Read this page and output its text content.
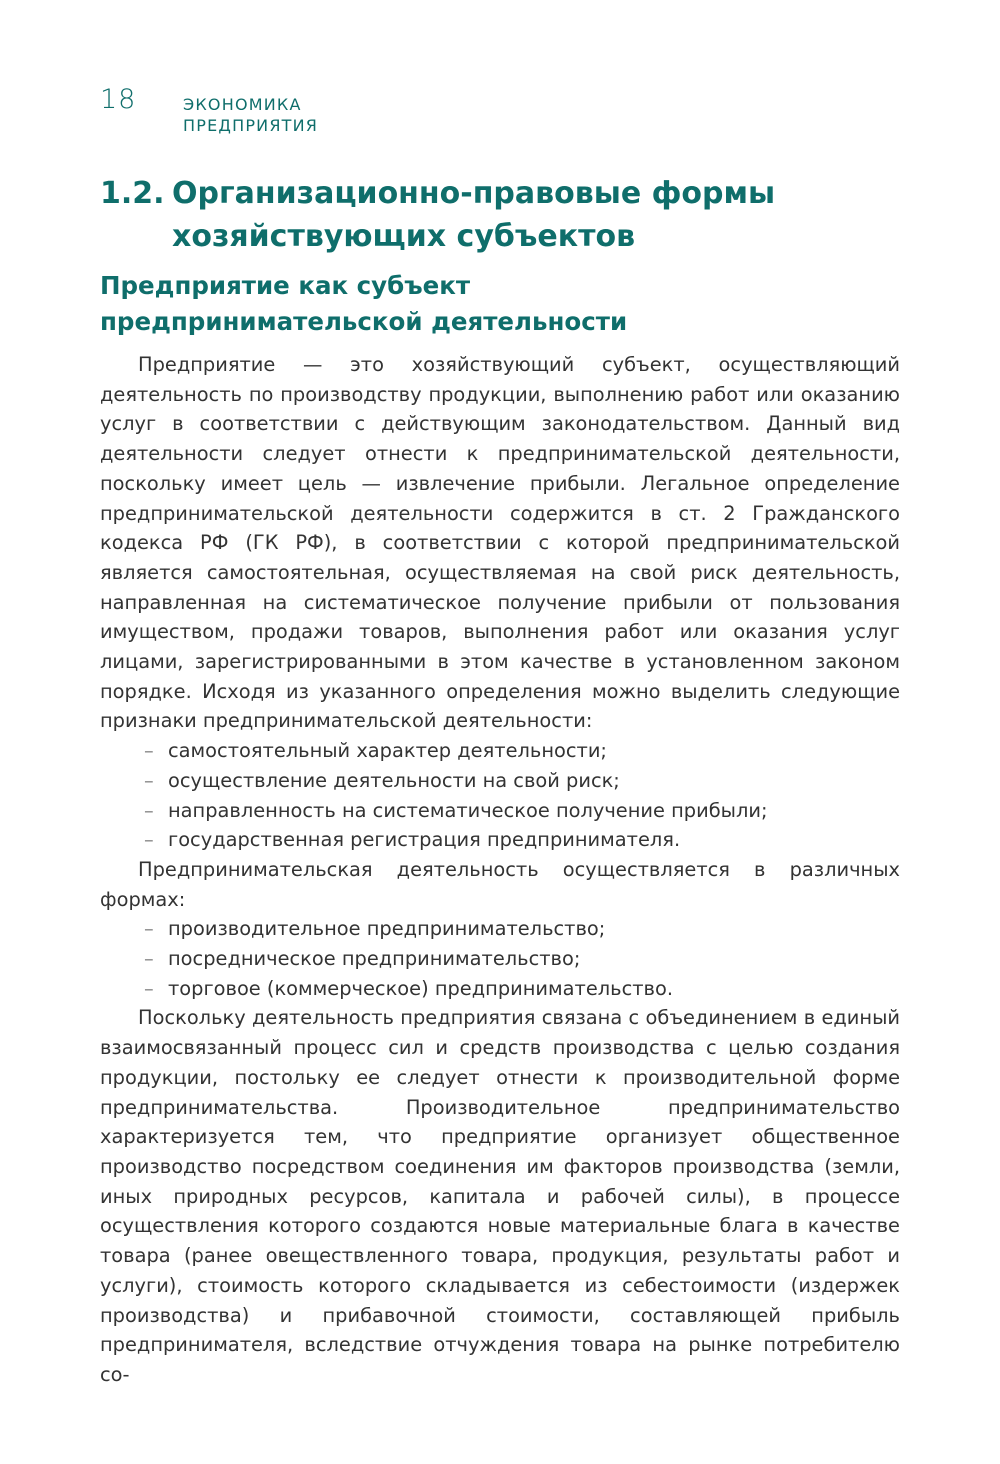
18	ЭКОНОМИКА
ПРЕДПРИЯТИЯ
1.2. Организационно-правовые формы
хозяйствующих субъектов
Предприятие как субъект
предпринимательской деятельности

Предприятие — это хозяйствующий субъект, осуществляющий деятельность по производству продукции, выполнению работ или оказанию услуг в соответствии с действующим законодательством. Данный вид деятельности следует отнести к предпринимательской деятельности, поскольку имеет цель — извлечение прибыли. Легальное определение предпринимательской деятельности содержится в ст. 2 Гражданского кодекса РФ (ГК РФ), в соответствии с которой предпринимательской является самостоятельная, осуществляемая на свой риск деятельность, направленная на систематическое получение прибыли от пользования имуществом, продажи товаров, выполнения работ или оказания услуг лицами, зарегистрированными в этом качестве в установленном законом порядке. Исходя из указанного определения можно выделить следующие признаки предпринимательской деятельности:

– самостоятельный характер деятельности;
– осуществление деятельности на свой риск;
– направленность на систематическое получение прибыли;
– государственная регистрация предпринимателя.

Предпринимательская деятельность осуществляется в различных формах:

– производительное предпринимательство;
– посредническое предпринимательство;
– торговое (коммерческое) предпринимательство.

Поскольку деятельность предприятия связана с объединением в единый взаимосвязанный процесс сил и средств производства с целью создания продукции, постольку ее следует отнести к производительной форме предпринимательства. Производительное предпринимательство характеризуется тем, что предприятие организует общественное производство посредством соединения им факторов производства (земли, иных природных ресурсов, капитала и рабочей силы), в процессе осуществления которого создаются новые материальные блага в качестве товара (ранее овеществленного товара, продукция, результаты работ и услуги), стоимость которого складывается из себестоимости (издержек производства) и прибавочной стоимости, составляющей прибыль предпринимателя, вследствие отчуждения товара на рынке потребителю со-
